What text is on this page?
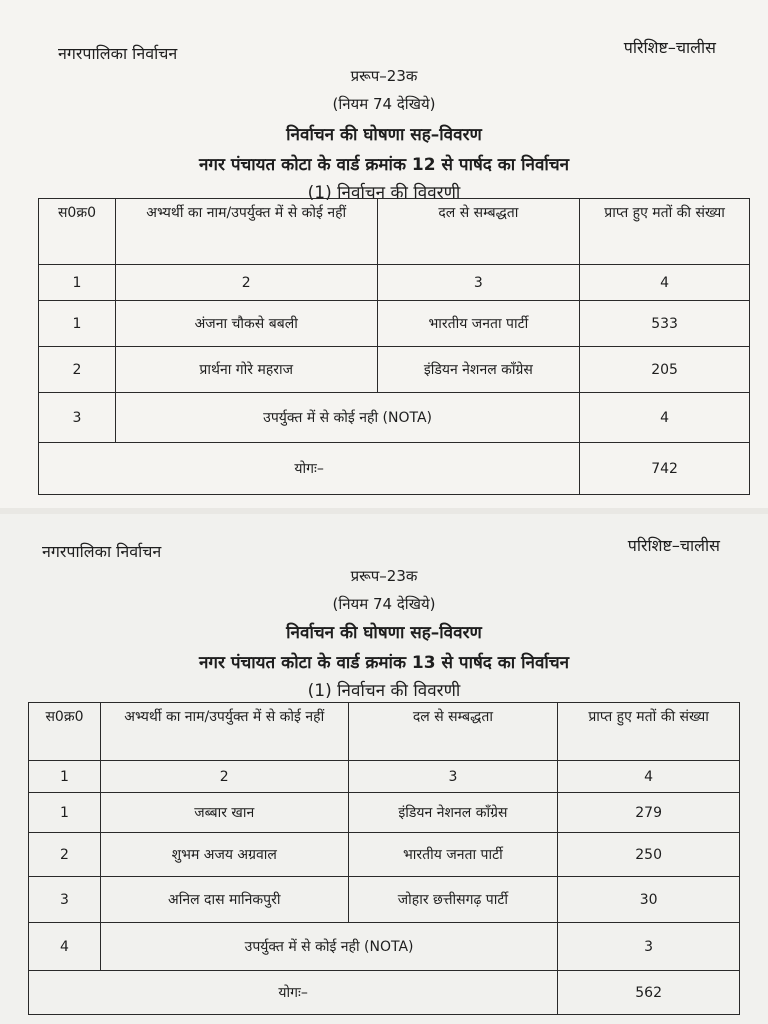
नगरपालिका निर्वाचन	परिशिष्ट–चालीस
प्ररूप–23क
(नियम 74 देखिये)
निर्वाचन की घोषणा सह–विवरण
नगर पंचायत कोटा के वार्ड क्रमांक 12 से पार्षद का निर्वाचन
(1) निर्वाचन की विवरणी
स0क्र0	अभ्यर्थी का नाम/उपर्युक्त में से कोई नहीं	दल से सम्बद्धता	प्राप्त हुए मतों की संख्या
1	2	3	4
1	अंजना चौकसे बबली	भारतीय जनता पार्टी	533
2	प्रार्थना गोरे महराज	इंडियन नेशनल कॉंग्रेस	205
3	उपर्युक्त में से कोई नही (NOTA)		4
योगः–			742
नगरपालिका निर्वाचन	परिशिष्ट–चालीस
प्ररूप–23क
(नियम 74 देखिये)
निर्वाचन की घोषणा सह–विवरण
नगर पंचायत कोटा के वार्ड क्रमांक 13 से पार्षद का निर्वाचन
(1) निर्वाचन की विवरणी
स0क्र0	अभ्यर्थी का नाम/उपर्युक्त में से कोई नहीं	दल से सम्बद्धता	प्राप्त हुए मतों की संख्या
1	2	3	4
1	जब्बार खान	इंडियन नेशनल कॉंग्रेस	279
2	शुभम अजय अग्रवाल	भारतीय जनता पार्टी	250
3	अनिल दास मानिकपुरी	जोहार छत्तीसगढ़ पार्टी	30
4	उपर्युक्त में से कोई नही (NOTA)		3
योगः–			562
